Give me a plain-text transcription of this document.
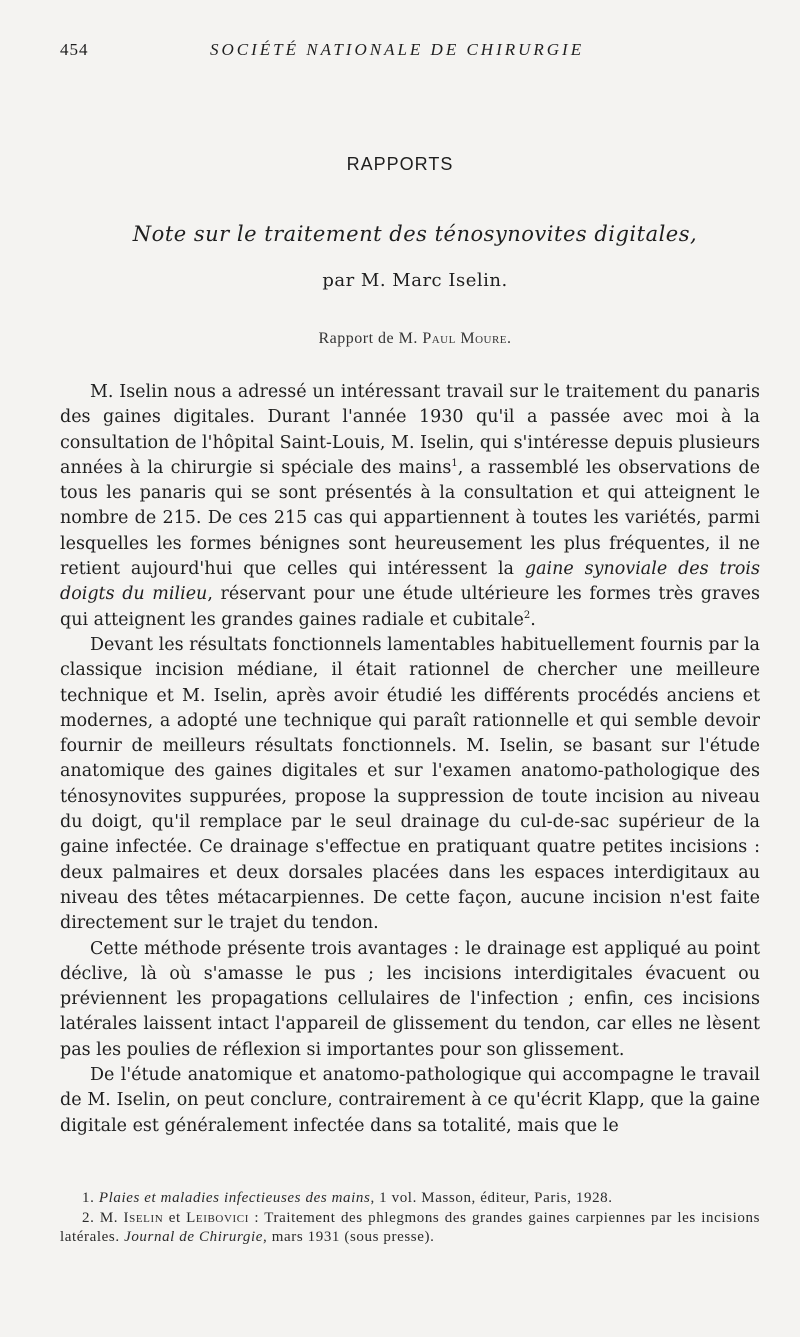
454	SOCIÉTÉ NATIONALE DE CHIRURGIE
RAPPORTS
Note sur le traitement des ténosynovites digitales,
par M. Marc Iselin.
Rapport de M. Paul Moure.

M. Iselin nous a adressé un intéressant travail sur le traitement du panaris des gaines digitales. Durant l'année 1930 qu'il a passée avec moi à la consultation de l'hôpital Saint-Louis, M. Iselin, qui s'intéresse depuis plusieurs années à la chirurgie si spéciale des mains$^1$, a rassemblé les observations de tous les panaris qui se sont présentés à la consultation et qui atteignent le nombre de 215. De ces 215 cas qui appartiennent à toutes les variétés, parmi lesquelles les formes bénignes sont heureusement les plus fréquentes, il ne retient aujourd'hui que celles qui intéressent la gaine synoviale des trois doigts du milieu, réservant pour une étude ultérieure les formes très graves qui atteignent les grandes gaines radiale et cubitale$^2$.

Devant les résultats fonctionnels lamentables habituellement fournis par la classique incision médiane, il était rationnel de chercher une meilleure technique et M. Iselin, après avoir étudié les différents procédés anciens et modernes, a adopté une technique qui paraît rationnelle et qui semble devoir fournir de meilleurs résultats fonctionnels. M. Iselin, se basant sur l'étude anatomique des gaines digitales et sur l'examen anatomo-pathologique des ténosynovites suppurées, propose la suppression de toute incision au niveau du doigt, qu'il remplace par le seul drainage du cul-de-sac supérieur de la gaine infectée. Ce drainage s'effectue en pratiquant quatre petites incisions : deux palmaires et deux dorsales placées dans les espaces interdigitaux au niveau des têtes métacarpiennes. De cette façon, aucune incision n'est faite directement sur le trajet du tendon.

Cette méthode présente trois avantages : le drainage est appliqué au point déclive, là où s'amasse le pus ; les incisions interdigitales évacuent ou préviennent les propagations cellulaires de l'infection ; enfin, ces incisions latérales laissent intact l'appareil de glissement du tendon, car elles ne lèsent pas les poulies de réflexion si importantes pour son glissement.

De l'étude anatomique et anatomo-pathologique qui accompagne le travail de M. Iselin, on peut conclure, contrairement à ce qu'écrit Klapp, que la gaine digitale est généralement infectée dans sa totalité, mais que le

1. Plaies et maladies infectieuses des mains, 1 vol. Masson, éditeur, Paris, 1928.

2. M. Iselin et Leibovici : Traitement des phlegmons des grandes gaines carpiennes par les incisions latérales. Journal de Chirurgie, mars 1931 (sous presse).
